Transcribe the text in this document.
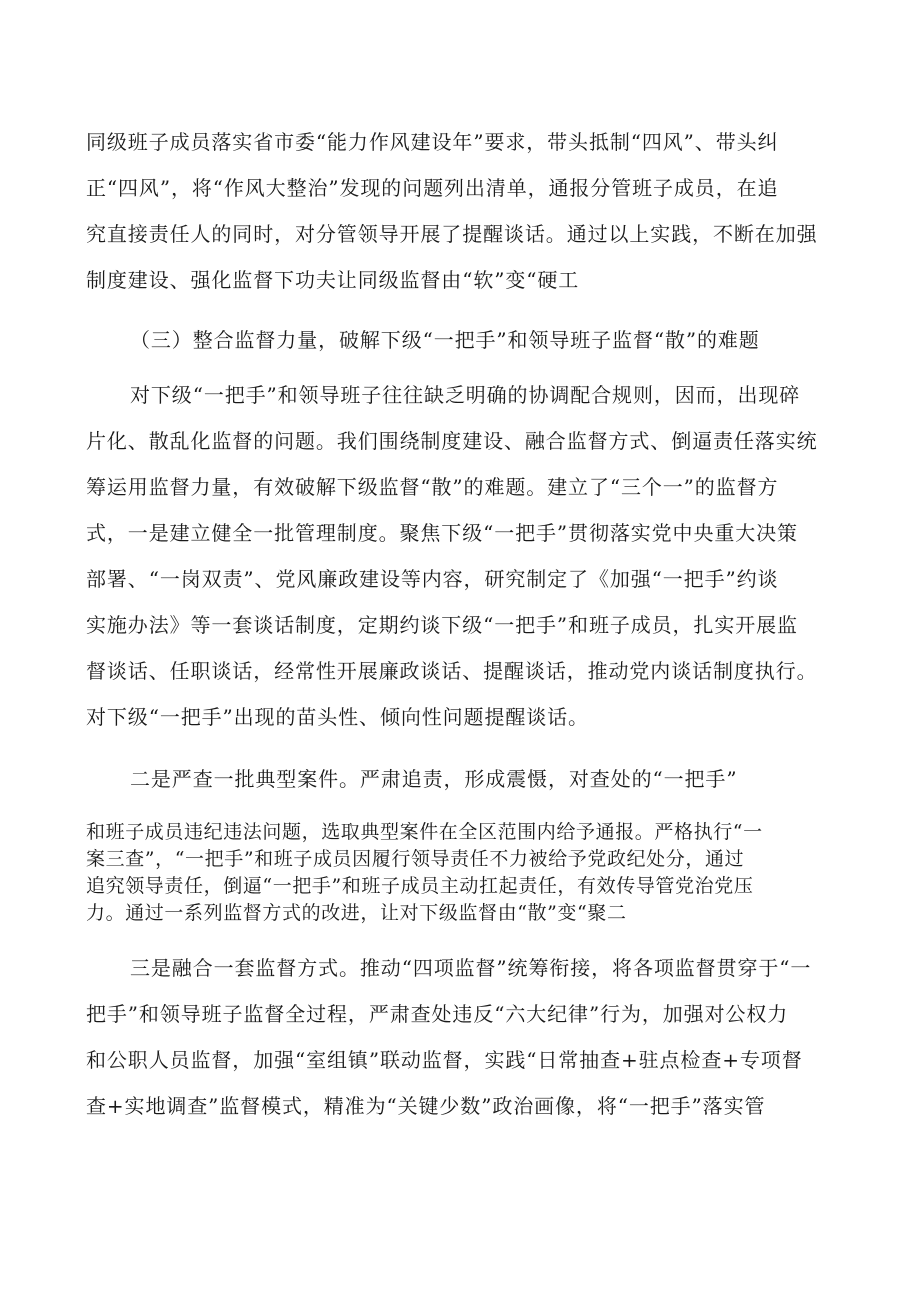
同级班子成员落实省市委“能力作风建设年”要求，带头抵制“四风”、带头纠
正“四风”，将“作风大整治”发现的问题列出清单，通报分管班子成员，在追
究直接责任人的同时，对分管领导开展了提醒谈话。通过以上实践，不断在加强
制度建设、强化监督下功夫让同级监督由“软”变“硬工
（三）整合监督力量，破解下级“一把手”和领导班子监督“散”的难题
对下级“一把手”和领导班子往往缺乏明确的协调配合规则，因而，出现碎
片化、散乱化监督的问题。我们围绕制度建设、融合监督方式、倒逼责任落实统
筹运用监督力量，有效破解下级监督“散”的难题。建立了“三个一”的监督方
式，一是建立健全一批管理制度。聚焦下级“一把手”贯彻落实党中央重大决策
部署、“一岗双责”、党风廉政建设等内容，研究制定了《加强“一把手”约谈
实施办法》等一套谈话制度，定期约谈下级“一把手”和班子成员，扎实开展监
督谈话、任职谈话，经常性开展廉政谈话、提醒谈话，推动党内谈话制度执行。
对下级“一把手”出现的苗头性、倾向性问题提醒谈话。
二是严查一批典型案件。严肃追责，形成震慑，对查处的“一把手”
和班子成员违纪违法问题，选取典型案件在全区范围内给予通报。严格执行“一
案三查”，“一把手”和班子成员因履行领导责任不力被给予党政纪处分，通过
追究领导责任，倒逼“一把手”和班子成员主动扛起责任，有效传导管党治党压
力。通过一系列监督方式的改进，让对下级监督由“散”变“聚二
三是融合一套监督方式。推动“四项监督”统筹衔接，将各项监督贯穿于“一
把手”和领导班子监督全过程，严肃查处违反“六大纪律”行为，加强对公权力
和公职人员监督，加强“室组镇”联动监督，实践“日常抽查+驻点检查+专项督
查+实地调查”监督模式，精准为“关键少数”政治画像，将“一把手”落实管
